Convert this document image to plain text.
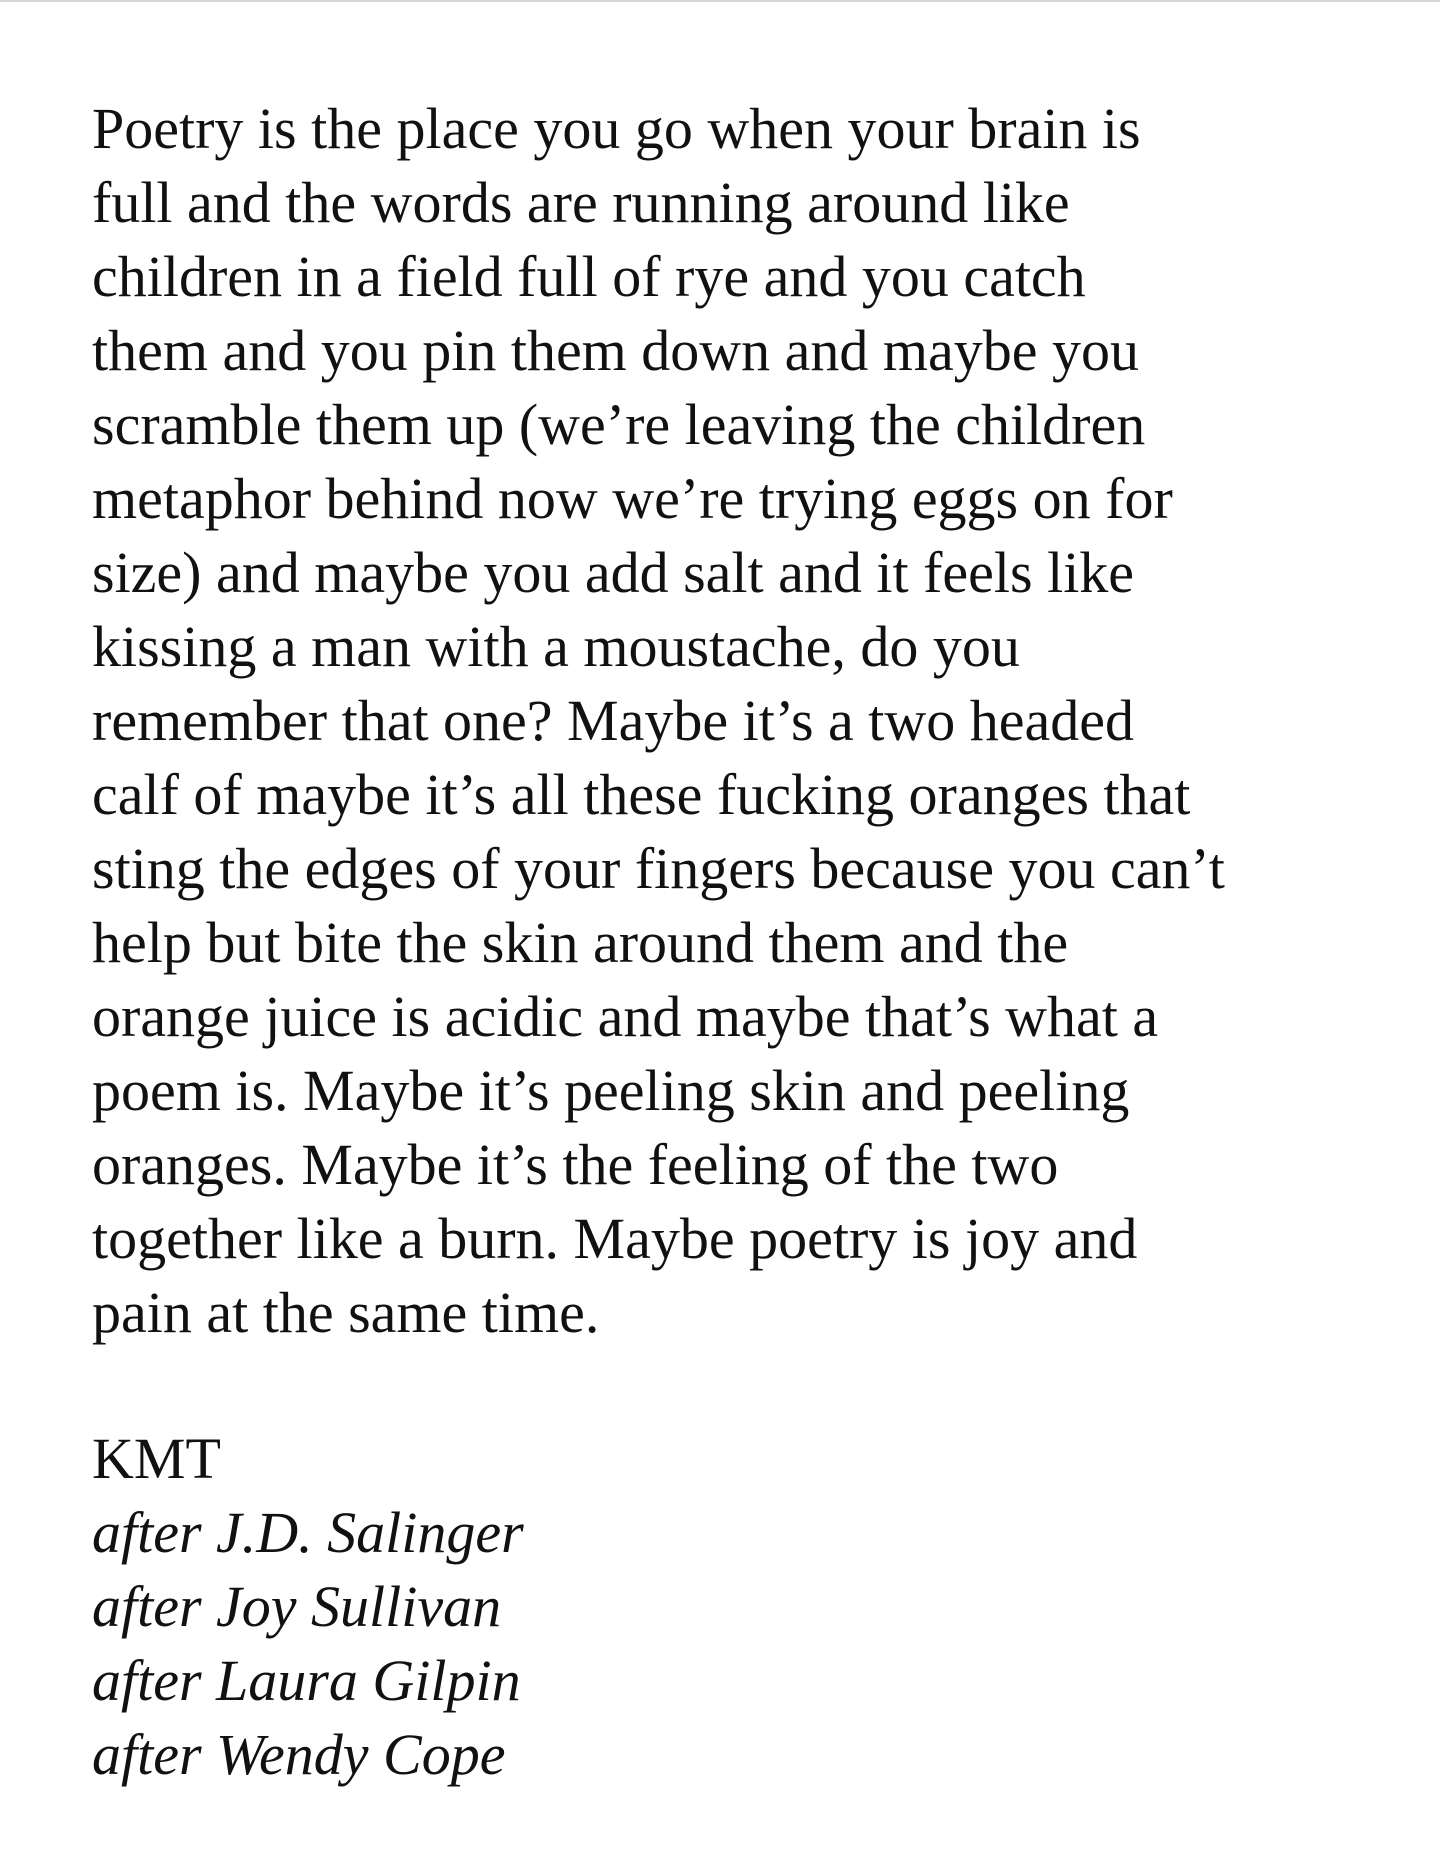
Poetry is the place you go when your brain is
full and the words are running around like
children in a field full of rye and you catch
them and you pin them down and maybe you
scramble them up (we’re leaving the children
metaphor behind now we’re trying eggs on for
size) and maybe you add salt and it feels like
kissing a man with a moustache, do you
remember that one? Maybe it’s a two headed
calf of maybe it’s all these fucking oranges that
sting the edges of your fingers because you can’t
help but bite the skin around them and the
orange juice is acidic and maybe that’s what a
poem is. Maybe it’s peeling skin and peeling
oranges. Maybe it’s the feeling of the two
together like a burn. Maybe poetry is joy and
pain at the same time.
KMT
after J.D. Salinger
after Joy Sullivan
after Laura Gilpin
after Wendy Cope
